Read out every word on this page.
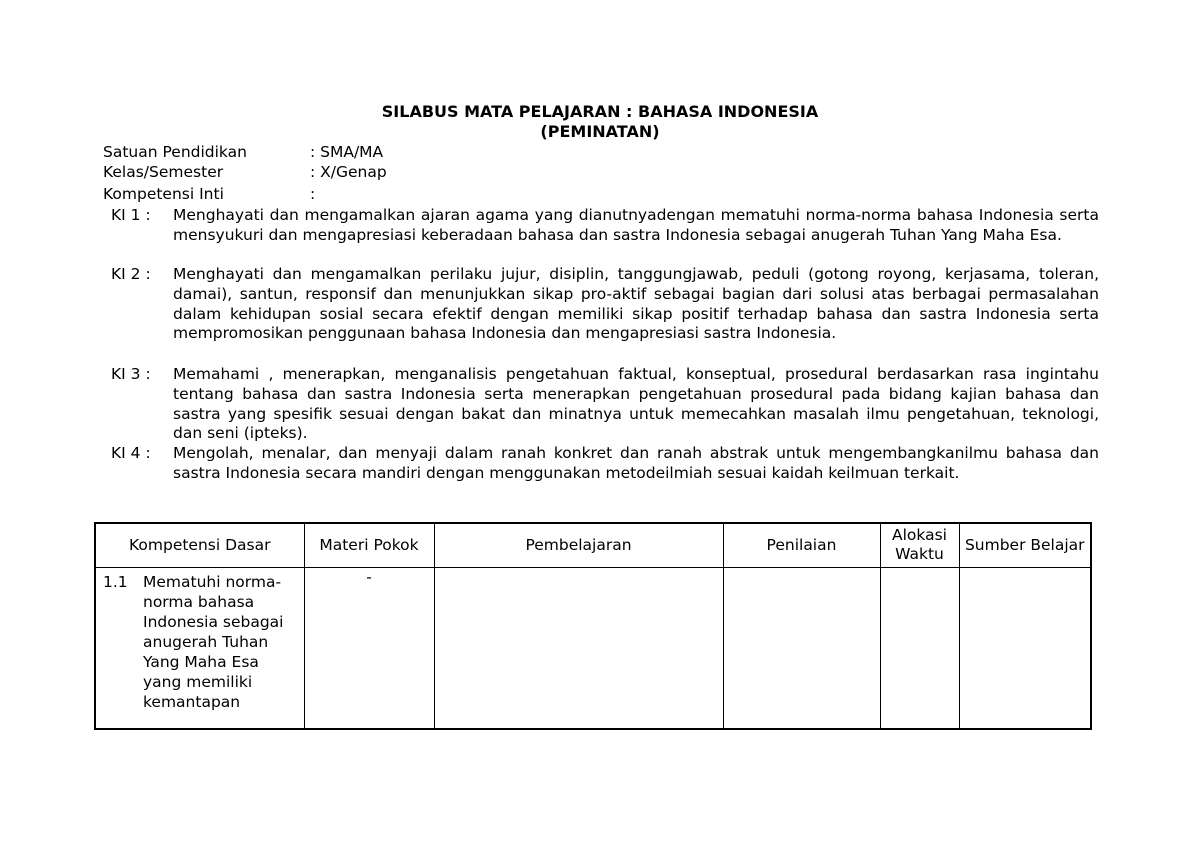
SILABUS MATA PELAJARAN : BAHASA INDONESIA
(PEMINATAN)
Satuan Pendidikan	: SMA/MA
Kelas/Semester	: X/Genap
Kompetensi Inti	:
KI 1 : Menghayati dan mengamalkan ajaran agama yang dianutnyadengan mematuhi norma-norma bahasa Indonesia serta mensyukuri dan mengapresiasi keberadaan bahasa dan sastra Indonesia sebagai anugerah Tuhan Yang Maha Esa.
KI 2 : Menghayati dan mengamalkan perilaku jujur, disiplin, tanggungjawab, peduli (gotong royong, kerjasama, toleran, damai), santun, responsif dan menunjukkan sikap pro-aktif sebagai bagian dari solusi atas berbagai permasalahan dalam kehidupan sosial secara efektif dengan memiliki sikap positif terhadap bahasa dan sastra Indonesia serta mempromosikan penggunaan bahasa Indonesia dan mengapresiasi sastra Indonesia.
KI 3 : Memahami , menerapkan, menganalisis pengetahuan faktual, konseptual, prosedural berdasarkan rasa ingintahu tentang bahasa dan sastra Indonesia serta menerapkan pengetahuan prosedural pada bidang kajian bahasa dan sastra yang spesifik sesuai dengan bakat dan minatnya untuk memecahkan masalah ilmu pengetahuan, teknologi, dan seni (ipteks).
KI 4 : Mengolah, menalar, dan menyaji dalam ranah konkret dan ranah abstrak untuk mengembangkanilmu bahasa dan sastra Indonesia secara mandiri dengan menggunakan metodeilmiah sesuai kaidah keilmuan terkait.
Kompetensi Dasar	Materi Pokok	Pembelajaran	Penilaian	Alokasi Waktu	Sumber Belajar

1.1 Mematuhi norma-norma bahasa Indonesia sebagai anugerah Tuhan Yang Maha Esa yang memiliki kemantapan	-				
